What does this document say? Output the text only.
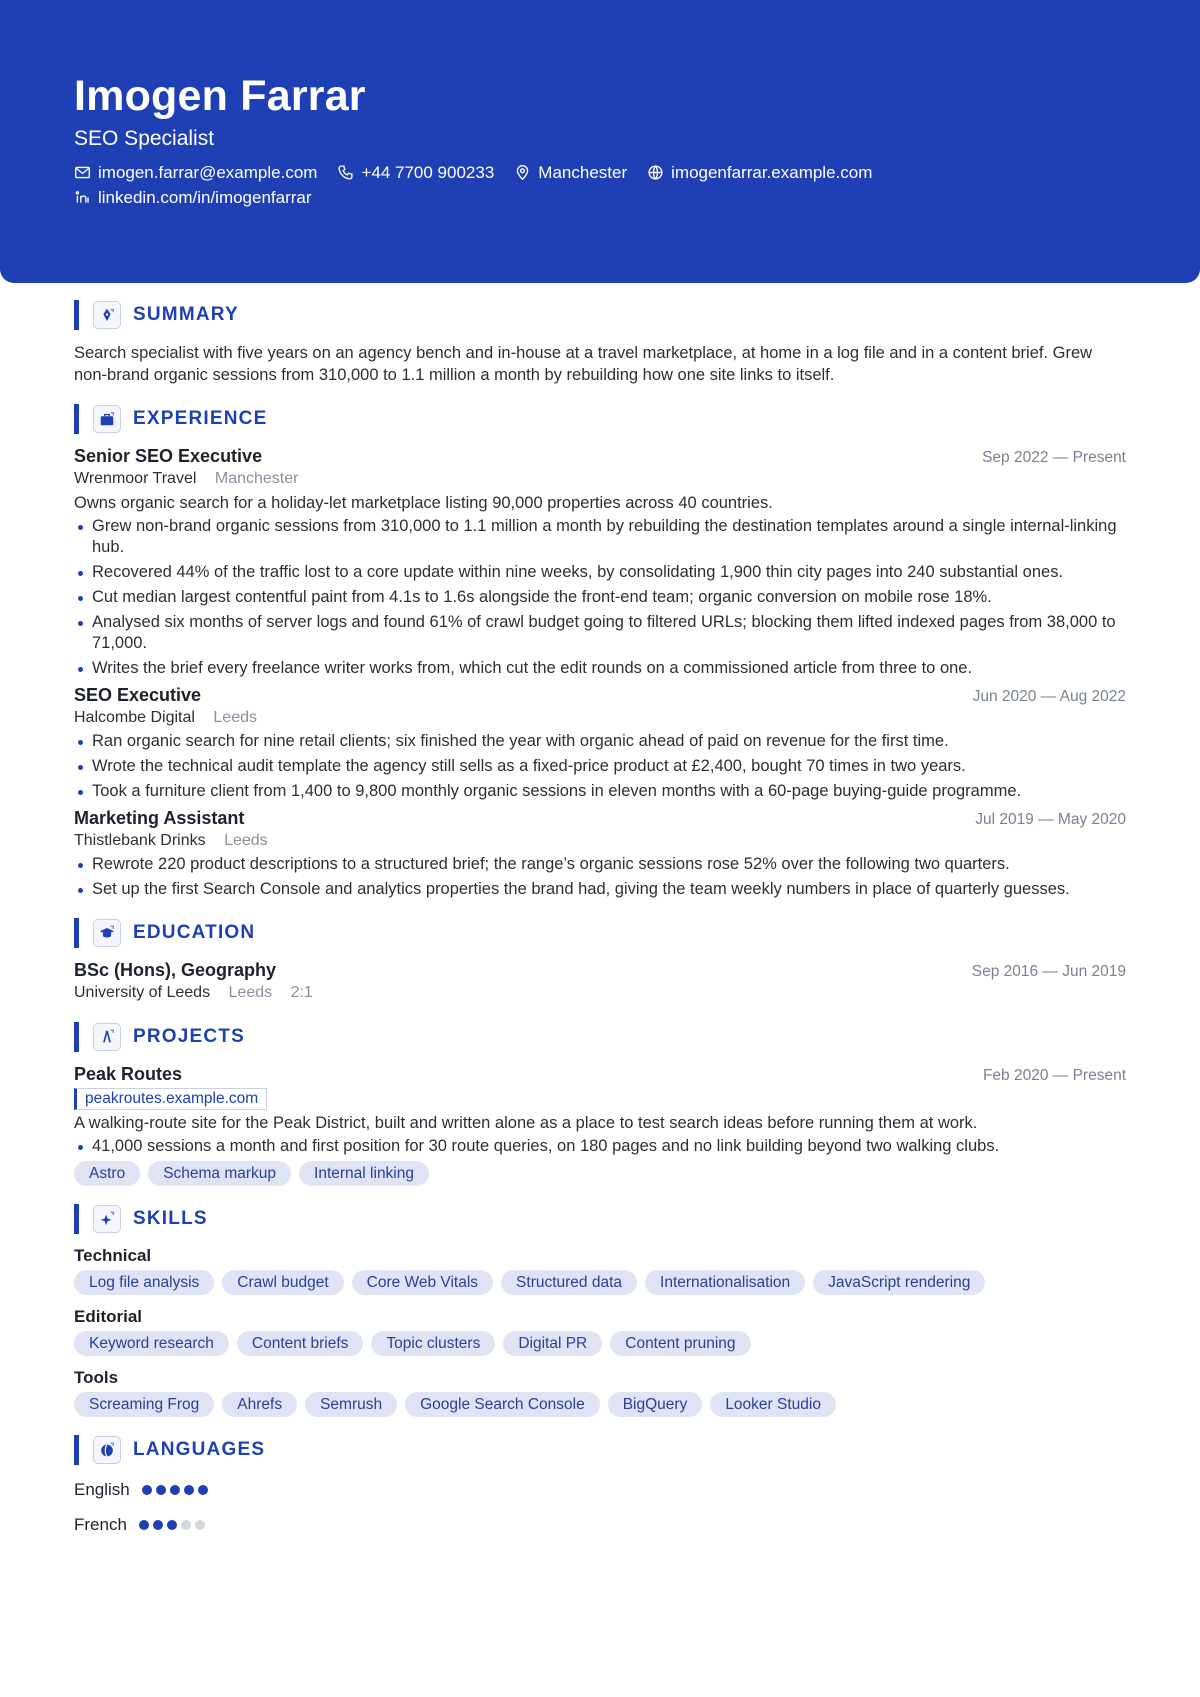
Imogen Farrar
SEO Specialist
imogen.farrar@example.com	+44 7700 900233	Manchester	imogenfarrar.example.com
linkedin.com/in/imogenfarrar
SUMMARY
Search specialist with five years on an agency bench and in-house at a travel marketplace, at home in a log file and in a content brief. Grew non-brand organic sessions from 310,000 to 1.1 million a month by rebuilding how one site links to itself.
EXPERIENCE
Senior SEO Executive	Sep 2022 — Present
Wrenmoor Travel Manchester
Owns organic search for a holiday-let marketplace listing 90,000 properties across 40 countries.
Grew non-brand organic sessions from 310,000 to 1.1 million a month by rebuilding the destination templates around a single internal-linking hub.
Recovered 44% of the traffic lost to a core update within nine weeks, by consolidating 1,900 thin city pages into 240 substantial ones.
Cut median largest contentful paint from 4.1s to 1.6s alongside the front-end team; organic conversion on mobile rose 18%.
Analysed six months of server logs and found 61% of crawl budget going to filtered URLs; blocking them lifted indexed pages from 38,000 to 71,000.
Writes the brief every freelance writer works from, which cut the edit rounds on a commissioned article from three to one.
SEO Executive	Jun 2020 — Aug 2022
Halcombe Digital Leeds
Ran organic search for nine retail clients; six finished the year with organic ahead of paid on revenue for the first time.
Wrote the technical audit template the agency still sells as a fixed-price product at £2,400, bought 70 times in two years.
Took a furniture client from 1,400 to 9,800 monthly organic sessions in eleven months with a 60-page buying-guide programme.
Marketing Assistant	Jul 2019 — May 2020
Thistlebank Drinks Leeds
Rewrote 220 product descriptions to a structured brief; the range’s organic sessions rose 52% over the following two quarters.
Set up the first Search Console and analytics properties the brand had, giving the team weekly numbers in place of quarterly guesses.
EDUCATION
BSc (Hons), Geography	Sep 2016 — Jun 2019
University of Leeds Leeds 2:1
PROJECTS
Peak Routes	Feb 2020 — Present
peakroutes.example.com
A walking-route site for the Peak District, built and written alone as a place to test search ideas before running them at work.
41,000 sessions a month and first position for 30 route queries, on 180 pages and no link building beyond two walking clubs.
Astro	Schema markup	Internal linking
SKILLS
Technical
Log file analysis	Crawl budget	Core Web Vitals	Structured data	Internationalisation	JavaScript rendering
Editorial
Keyword research	Content briefs	Topic clusters	Digital PR	Content pruning
Tools
Screaming Frog	Ahrefs	Semrush	Google Search Console	BigQuery	Looker Studio
LANGUAGES
English
French
